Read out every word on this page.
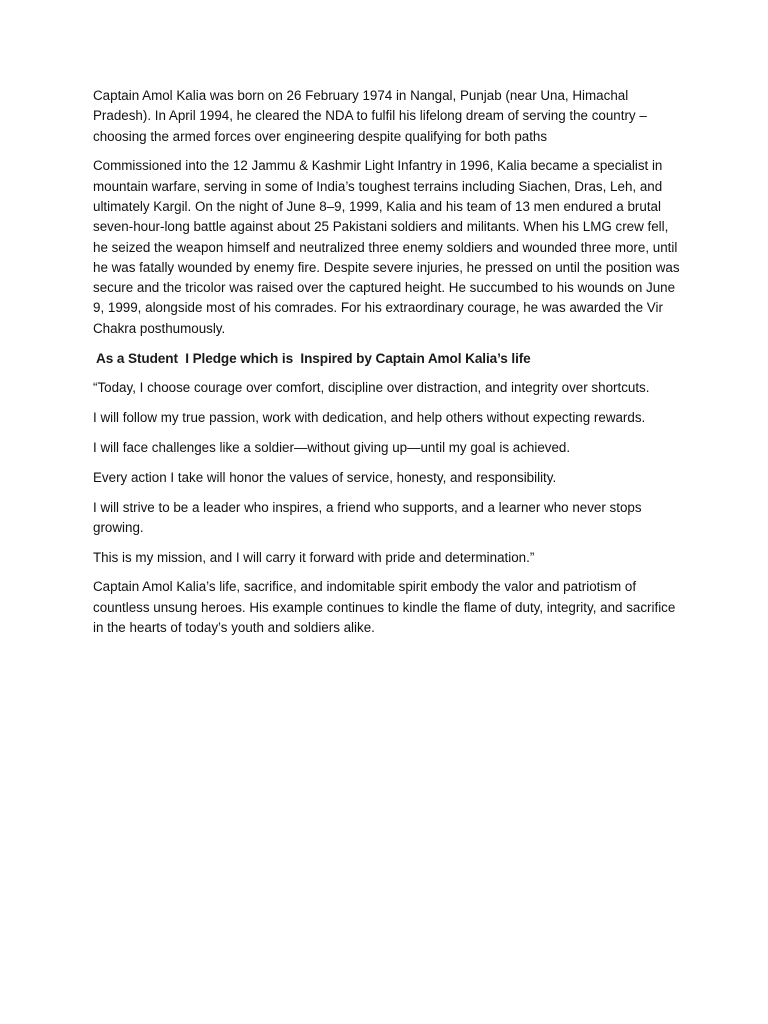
Captain Amol Kalia was born on 26 February 1974 in Nangal, Punjab (near Una, Himachal Pradesh). In April 1994, he cleared the NDA to fulfil his lifelong dream of serving the country – choosing the armed forces over engineering despite qualifying for both paths

Commissioned into the 12 Jammu & Kashmir Light Infantry in 1996, Kalia became a specialist in mountain warfare, serving in some of India’s toughest terrains including Siachen, Dras, Leh, and ultimately Kargil. On the night of June 8–9, 1999, Kalia and his team of 13 men endured a brutal seven-hour-long battle against about 25 Pakistani soldiers and militants. When his LMG crew fell, he seized the weapon himself and neutralized three enemy soldiers and wounded three more, until he was fatally wounded by enemy fire. Despite severe injuries, he pressed on until the position was secure and the tricolor was raised over the captured height. He succumbed to his wounds on June 9, 1999, alongside most of his comrades. For his extraordinary courage, he was awarded the Vir Chakra posthumously.

As a Student  I Pledge which is  Inspired by Captain Amol Kalia’s life

“Today, I choose courage over comfort, discipline over distraction, and integrity over shortcuts.

I will follow my true passion, work with dedication, and help others without expecting rewards.

I will face challenges like a soldier—without giving up—until my goal is achieved.

Every action I take will honor the values of service, honesty, and responsibility.

I will strive to be a leader who inspires, a friend who supports, and a learner who never stops growing.

This is my mission, and I will carry it forward with pride and determination.”

Captain Amol Kalia’s life, sacrifice, and indomitable spirit embody the valor and patriotism of countless unsung heroes. His example continues to kindle the flame of duty, integrity, and sacrifice in the hearts of today’s youth and soldiers alike.
